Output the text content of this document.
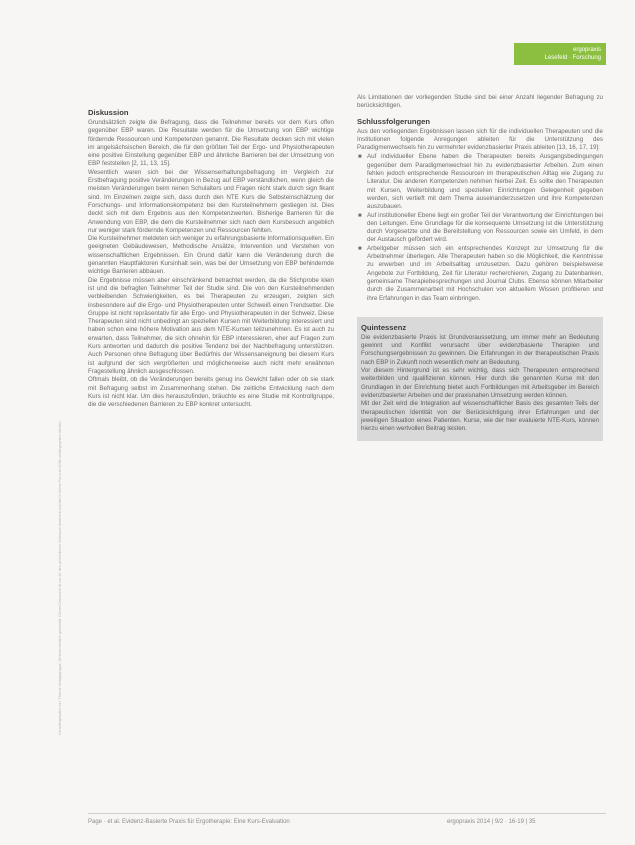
Heruntergeladen von: Thieme Verlagsgruppe. Urheberrechtlich geschützt. Dieses Dokument ist nur für den persönlichen Gebrauch bestimmt und darf in keiner Form an Dritte weitergegeben werden.
ergopraxis
Lesefeld · Forschung
Diskussion

Grundsätzlich zeigte die Befragung, dass die Teilnehmer bereits vor dem Kurs offen gegenüber EBP waren. Die Resultate werden für die Umsetzung von EBP wichtige fördernde Ressourcen und Kompetenzen genannt. Die Resultate decken sich mit vielen im angelsächsischen Bereich, die für den größten Teil der Ergo- und Physiotherapeuten eine positive Einstellung gegenüber EBP und ähnliche Barrieren bei der Umsetzung von EBP feststellen [2, 11, 13, 15].

Wesentlich waren sich bei der Wissenserhaltungsbefragung im Vergleich zur Erstbefragung positive Veränderungen in Bezug auf EBP verständlichen, wenn gleich die meisten Veränderungen beim reinen Schulalters und Fragen nicht stark durch sign fikant sind. Im Einzelnen zeigte sich, dass durch den NTE Kurs die Selbsteinschätzung der Forschungs- und Informationskompetenz bei den Kursteilnehmern gestiegen ist. Dies deckt sich mit dem Ergebnis aus den Kompetenzwerten. Bisherige Barrieren für die Anwendung von EBP, die dem die Kursteilnehmer sich nach dem Kursbesuch angeblich nur weniger stark fördernde Kompetenzen und Ressourcen fehlten.

Die Kursteilnehmer meldeten sich weniger zu erfahrungsbasierte Informationsquellen. Ein geeigneten Gebäudewesen, Methodische Ansätze, Intervention und Verstehen von wissenschaftlichen Ergebnissen. Ein Grund dafür kann die Veränderung durch die genannten Hauptfaktoren Kursinhalt sein, was bei der Umsetzung von EBP behindernde wichtige Barrieren abbauen.

Die Ergebnisse müssen aber einschränkend betrachtet werden, da die Stichprobe klein ist und die befragten Teilnehmer Teil der Studie sind. Die von den Kursteilnehmenden verbleibenden Schwierigkeiten, es bei Therapeuten zu erzeugen, zeigten sich insbesondere auf die Ergo- und Physiotherapeuten unter Schweiß einen Trendsetter. Die Gruppe ist nicht repräsentativ für alle Ergo- und Physiotherapeuten in der Schweiz. Diese Therapeuten sind nicht unbedingt an speziellen Kursen mit Weiterbildung interessiert und haben schon eine höhere Motivation aus dem NTE-Kursen teilzunehmen. Es ist auch zu erwarten, dass Teilnehmer, die sich ohnehin für EBP interessieren, eher auf Fragen zum Kurs antworten und dadurch die positive Tendenz bei der Nachbefragung unterstützen. Auch Personen ohne Befragung über Bedürfnis der Wissensaneignung bei diesem Kurs ist aufgrund der sich vergrößerten und möglicherweise auch nicht mehr erwähnten Fragestellung ähnlich ausgeschlossen.

Oftmals bleibt, ob die Veränderungen bereits genug ins Gewicht fallen oder ob sie stark mit Befragung selbst im Zusammenhang stehen. Die zeitliche Entwicklung nach dem Kurs ist nicht klar. Um dies herauszufinden, bräuchte es eine Studie mit Kontrollgruppe, die die verschiedenen Barrieren zu EBP konkret untersucht.

Als Limitationen der vorliegenden Studie sind bei einer Anzahl liegender Befragung zu berücksichtigen.

Schlussfolgerungen

Aus den vorliegenden Ergebnissen lassen sich für die individuellen Therapeuten und die Institutionen folgende Anregungen ableiten für die Unterstützung des Paradigmenwechsels hin zu vermehrter evidenzbasierter Praxis ableiten [13, 16, 17, 19]:

■ Auf individueller Ebene haben die Therapeuten bereits Ausgangsbedingungen gegenüber dem Paradigmenwechsel hin zu evidenzbasierter Arbeiten. Zum einen fehlen jedoch entsprechende Ressourcen im therapeutischen Alltag wie Zugang zu Literatur. Die anderen Kompetenzen nehmen hierbei Zeit. Es sollte den Therapeuten mit Kursen, Weiterbildung und speziellen Einrichtungen Gelegenheit gegeben werden, sich vertieft mit dem Thema auseinanderzusetzen und ihre Kompetenzen auszubauen.

■ Auf institutioneller Ebene liegt ein großer Teil der Verantwortung der Einrichtungen bei den Leitungen. Eine Grundlage für die konsequente Umsetzung ist die Unterstützung durch Vorgesetzte und die Bereitstellung von Ressourcen sowie ein Umfeld, in dem der Austausch gefördert wird.

■ Arbeitgeber müssen sich ein entsprechendes Konzept zur Umsetzung für die Arbeitnehmer überlegen. Alle Therapeuten haben so die Möglichkeit, die Kenntnisse zu erwerben und im Arbeitsalltag umzusetzen. Dazu gehören beispielsweise Angebote zur Fortbildung, Zeit für Literatur recherchieren, Zugang zu Datenbanken, gemeinsame Therapiebesprechungen und Journal Clubs. Ebenso können Mitarbeiter durch die Zusammenarbeit mit Hochschulen von aktuellem Wissen profitieren und ihre Erfahrungen in das Team einbringen.

Quintessenz

Die evidenzbasierte Praxis ist Grundvoraussetzung, um immer mehr an Bedeutung gewinnt und Konflikt verursacht über evidenzbasierte Therapien und Forschungsergebnissen zu gewinnen. Die Erfahrungen in der therapeutischen Praxis nach EBP in Zukunft noch wesentlich mehr an Bedeutung.

Vor diesem Hintergrund ist es sehr wichtig, dass sich Therapeuten entsprechend weiterbilden und qualifizieren können. Hier durch die genannten Kurse mit den Grundlagen in der Einrichtung bietet auch Fortbildungen mit Arbeitsgeber im Bereich evidenzbasierter Arbeiten und der praxisnahen Umsetzung werden können.

Mit der Zeit wird die Integration auf wissenschaftlicher Basis des gesamten Teils der therapeutischen Identität von der Berücksichtigung ihrer Erfahrungen und der jeweiligen Situation eines Patienten. Kurse, wie der hier evaluierte NTE-Kurs, können hierzu einen wertvollen Beitrag leisten.

Page · et al. Evidenz-Basierte Praxis für Ergotherapie: Eine Kurs-Evaluation	ergopraxis 2014 | 9/2 · 16-19 | 35
